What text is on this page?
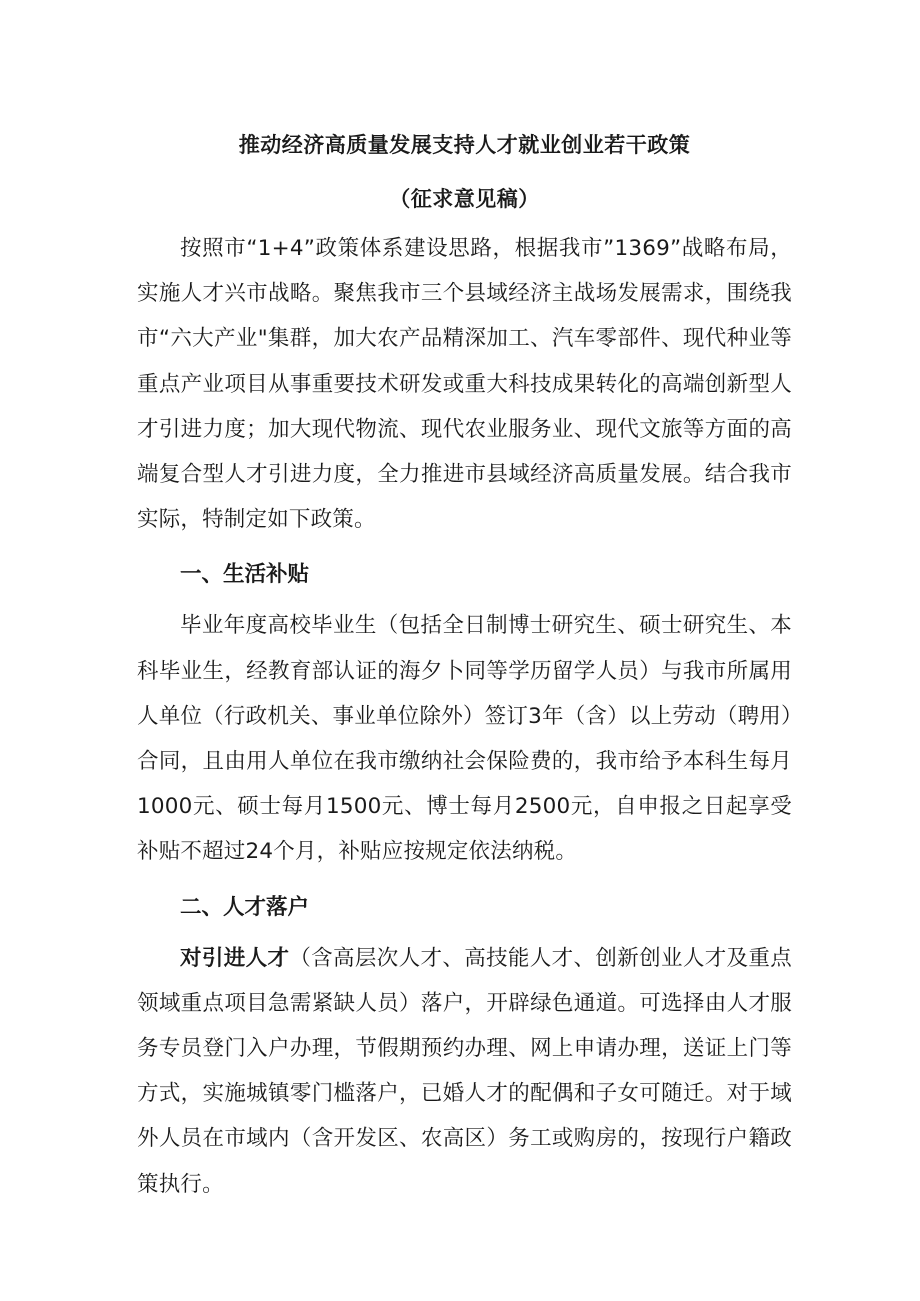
推动经济高质量发展支持人才就业创业若干政策
（征求意见稿）

按照市“1+4”政策体系建设思路，根据我市”1369”战略布局，实施人才兴市战略。聚焦我市三个县域经济主战场发展需求，围绕我市“六大产业"集群，加大农产品精深加工、汽车零部件、现代种业等重点产业项目从事重要技术研发或重大科技成果转化的高端创新型人才引进力度；加大现代物流、现代农业服务业、现代文旅等方面的高端复合型人才引进力度，全力推进市县域经济高质量发展。结合我市实际，特制定如下政策。

一、生活补贴

毕业年度高校毕业生（包括全日制博士研究生、硕士研究生、本科毕业生，经教育部认证的海夕卜同等学历留学人员）与我市所属用人单位（行政机关、事业单位除外）签订3年（含）以上劳动（聘用）合同，且由用人单位在我市缴纳社会保险费的，我市给予本科生每月1000元、硕士每月1500元、博士每月2500元，自申报之日起享受补贴不超过24个月，补贴应按规定依法纳税。

二、人才落户

对引进人才（含高层次人才、高技能人才、创新创业人才及重点领域重点项目急需紧缺人员）落户，开辟绿色通道。可选择由人才服务专员登门入户办理，节假期预约办理、网上申请办理，送证上门等方式，实施城镇零门槛落户，已婚人才的配偶和子女可随迁。对于域外人员在市域内（含开发区、农高区）务工或购房的，按现行户籍政策执行。
